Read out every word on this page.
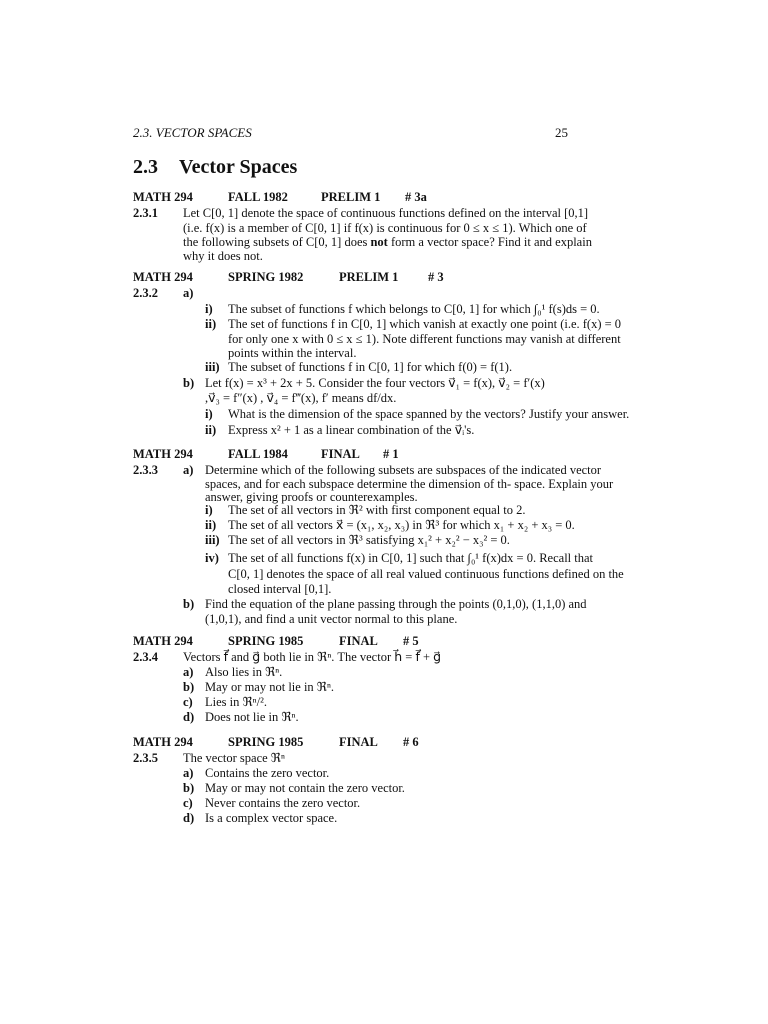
2.3. VECTOR SPACES	25
2.3 Vector Spaces
MATH 294	FALL 1982	PRELIM 1 # 3a
2.3.1 Let C[0, 1] denote the space of continuous functions defined on the interval [0,1]
(i.e. f(x) is a member of C[0, 1] if f(x) is continuous for 0 ≤ x ≤ 1). Which one of
the following subsets of C[0, 1] does not form a vector space? Find it and explain
why it does not.
MATH 294	SPRING 1982	PRELIM 1 # 3
2.3.2 a)
i) The subset of functions f which belongs to C[0, 1] for which ∫₀¹ f(s)ds = 0.
ii) The set of functions f in C[0, 1] which vanish at exactly one point (i.e. f(x) = 0
for only one x with 0 ≤ x ≤ 1). Note different functions may vanish at different
points within the interval.
iii) The subset of functions f in C[0, 1] for which f(0) = f(1).
b) Let f(x) = x³ + 2x + 5. Consider the four vectors v⃗₁ = f(x), v⃗₂ = f′(x)
,v⃗₃ = f″(x) , v⃗₄ = f‴(x), f′ means df/dx.
i) What is the dimension of the space spanned by the vectors? Justify your answer.
ii) Express x² + 1 as a linear combination of the v⃗ᵢ's.
MATH 294	FALL 1984	FINAL # 1
2.3.3 a) Determine which of the following subsets are subspaces of the indicated vector
spaces, and for each subspace determine the dimension of th- space. Explain your
answer, giving proofs or counterexamples.
i) The set of all vectors in ℜ² with first component equal to 2.
ii) The set of all vectors x⃗ = (x₁, x₂, x₃) in ℜ³ for which x₁ + x₂ + x₃ = 0.
iii) The set of all vectors in ℜ³ satisfying x₁² + x₂² − x₃² = 0.
iv) The set of all functions f(x) in C[0, 1] such that ∫₀¹ f(x)dx = 0. Recall that
C[0, 1] denotes the space of all real valued continuous functions defined on the
closed interval [0,1].
b) Find the equation of the plane passing through the points (0,1,0), (1,1,0) and
(1,0,1), and find a unit vector normal to this plane.
MATH 294	SPRING 1985	FINAL # 5
2.3.4 Vectors f⃗ and g⃗ both lie in ℜⁿ. The vector h⃗ = f⃗ + g⃗
a) Also lies in ℜⁿ.
b) May or may not lie in ℜⁿ.
c) Lies in ℜⁿ/².
d) Does not lie in ℜⁿ.
MATH 294	SPRING 1985	FINAL # 6
2.3.5 The vector space ℜⁿ
a) Contains the zero vector.
b) May or may not contain the zero vector.
c) Never contains the zero vector.
d) Is a complex vector space.
